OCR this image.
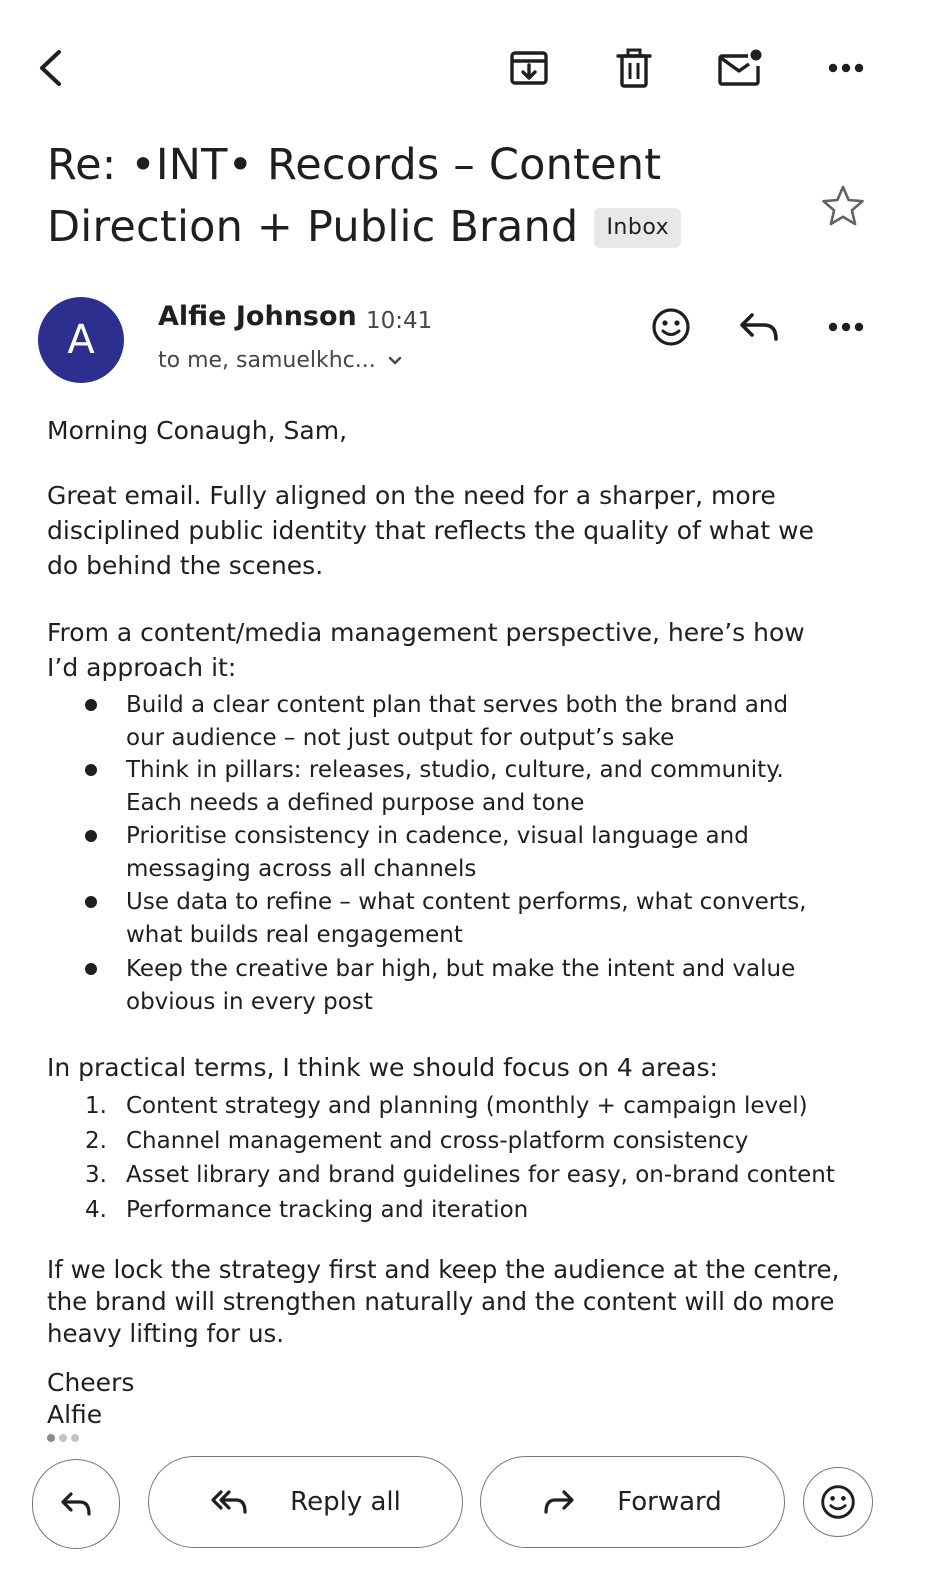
Re: •INT• Records – Content
Direction + Public Brand Inbox
A
Alfie Johnson 10:41
to me, samuelkhc...

Morning Conaugh, Sam,

Great email. Fully aligned on the need for a sharper, more disciplined public identity that reflects the quality of what we do behind the scenes.

From a content/media management perspective, here’s how I’d approach it:

Build a clear content plan that serves both the brand and our audience – not just output for output’s sake
Think in pillars: releases, studio, culture, and community. Each needs a defined purpose and tone
Prioritise consistency in cadence, visual language and messaging across all channels
Use data to refine – what content performs, what converts, what builds real engagement
Keep the creative bar high, but make the intent and value obvious in every post

In practical terms, I think we should focus on 4 areas:

1. Content strategy and planning (monthly + campaign level)
2. Channel management and cross-platform consistency
3. Asset library and brand guidelines for easy, on-brand content
4. Performance tracking and iteration

If we lock the strategy first and keep the audience at the centre, the brand will strengthen naturally and the content will do more heavy lifting for us.

Cheers

Alfie

Reply all	Forward
